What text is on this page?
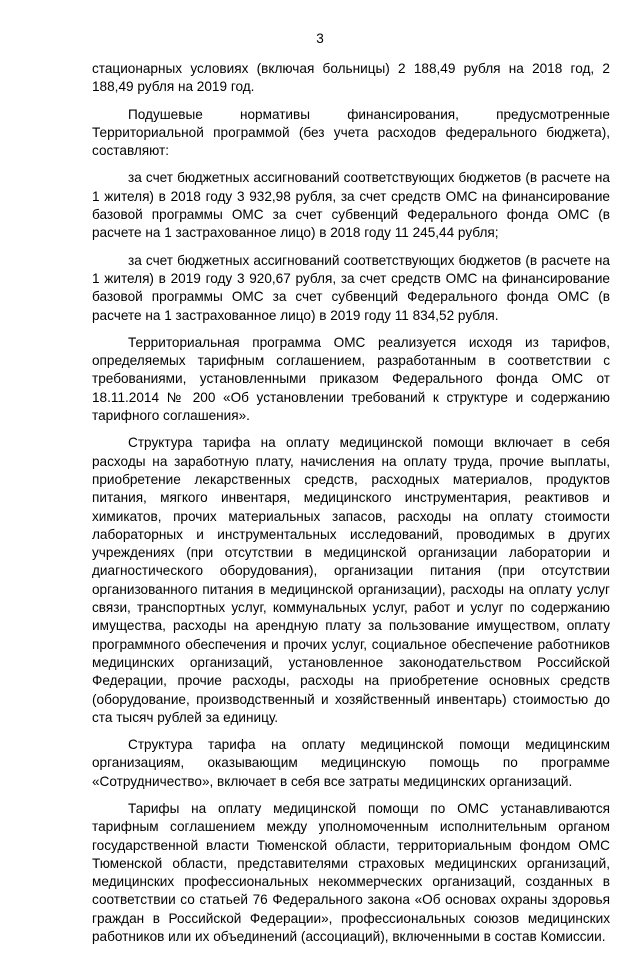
3

стационарных условиях (включая больницы) 2 188,49 рубля на 2018 год, 2 188,49 рубля на 2019 год.

Подушевые нормативы финансирования, предусмотренные Территориальной программой (без учета расходов федерального бюджета), составляют:

за счет бюджетных ассигнований соответствующих бюджетов (в расчете на 1 жителя) в 2018 году 3 932,98 рубля, за счет средств ОМС на финансирование базовой программы ОМС за счет субвенций Федерального фонда ОМС (в расчете на 1 застрахованное лицо) в 2018 году 11 245,44 рубля;

за счет бюджетных ассигнований соответствующих бюджетов (в расчете на 1 жителя) в 2019 году 3 920,67 рубля, за счет средств ОМС на финансирование базовой программы ОМС за счет субвенций Федерального фонда ОМС (в расчете на 1 застрахованное лицо) в 2019 году 11 834,52 рубля.

Территориальная программа ОМС реализуется исходя из тарифов, определяемых тарифным соглашением, разработанным в соответствии с требованиями, установленными приказом Федерального фонда ОМС от 18.11.2014 № 200 «Об установлении требований к структуре и содержанию тарифного соглашения».

Структура тарифа на оплату медицинской помощи включает в себя расходы на заработную плату, начисления на оплату труда, прочие выплаты, приобретение лекарственных средств, расходных материалов, продуктов питания, мягкого инвентаря, медицинского инструментария, реактивов и химикатов, прочих материальных запасов, расходы на оплату стоимости лабораторных и инструментальных исследований, проводимых в других учреждениях (при отсутствии в медицинской организации лаборатории и диагностического оборудования), организации питания (при отсутствии организованного питания в медицинской организации), расходы на оплату услуг связи, транспортных услуг, коммунальных услуг, работ и услуг по содержанию имущества, расходы на арендную плату за пользование имуществом, оплату программного обеспечения и прочих услуг, социальное обеспечение работников медицинских организаций, установленное законодательством Российской Федерации, прочие расходы, расходы на приобретение основных средств (оборудование, производственный и хозяйственный инвентарь) стоимостью до ста тысяч рублей за единицу.

Структура тарифа на оплату медицинской помощи медицинским организациям, оказывающим медицинскую помощь по программе «Сотрудничество», включает в себя все затраты медицинских организаций.

Тарифы на оплату медицинской помощи по ОМС устанавливаются тарифным соглашением между уполномоченным исполнительным органом государственной власти Тюменской области, территориальным фондом ОМС Тюменской области, представителями страховых медицинских организаций, медицинских профессиональных некоммерческих организаций, созданных в соответствии со статьей 76 Федерального закона «Об основах охраны здоровья граждан в Российской Федерации», профессиональных союзов медицинских работников или их объединений (ассоциаций), включенными в состав Комиссии.
